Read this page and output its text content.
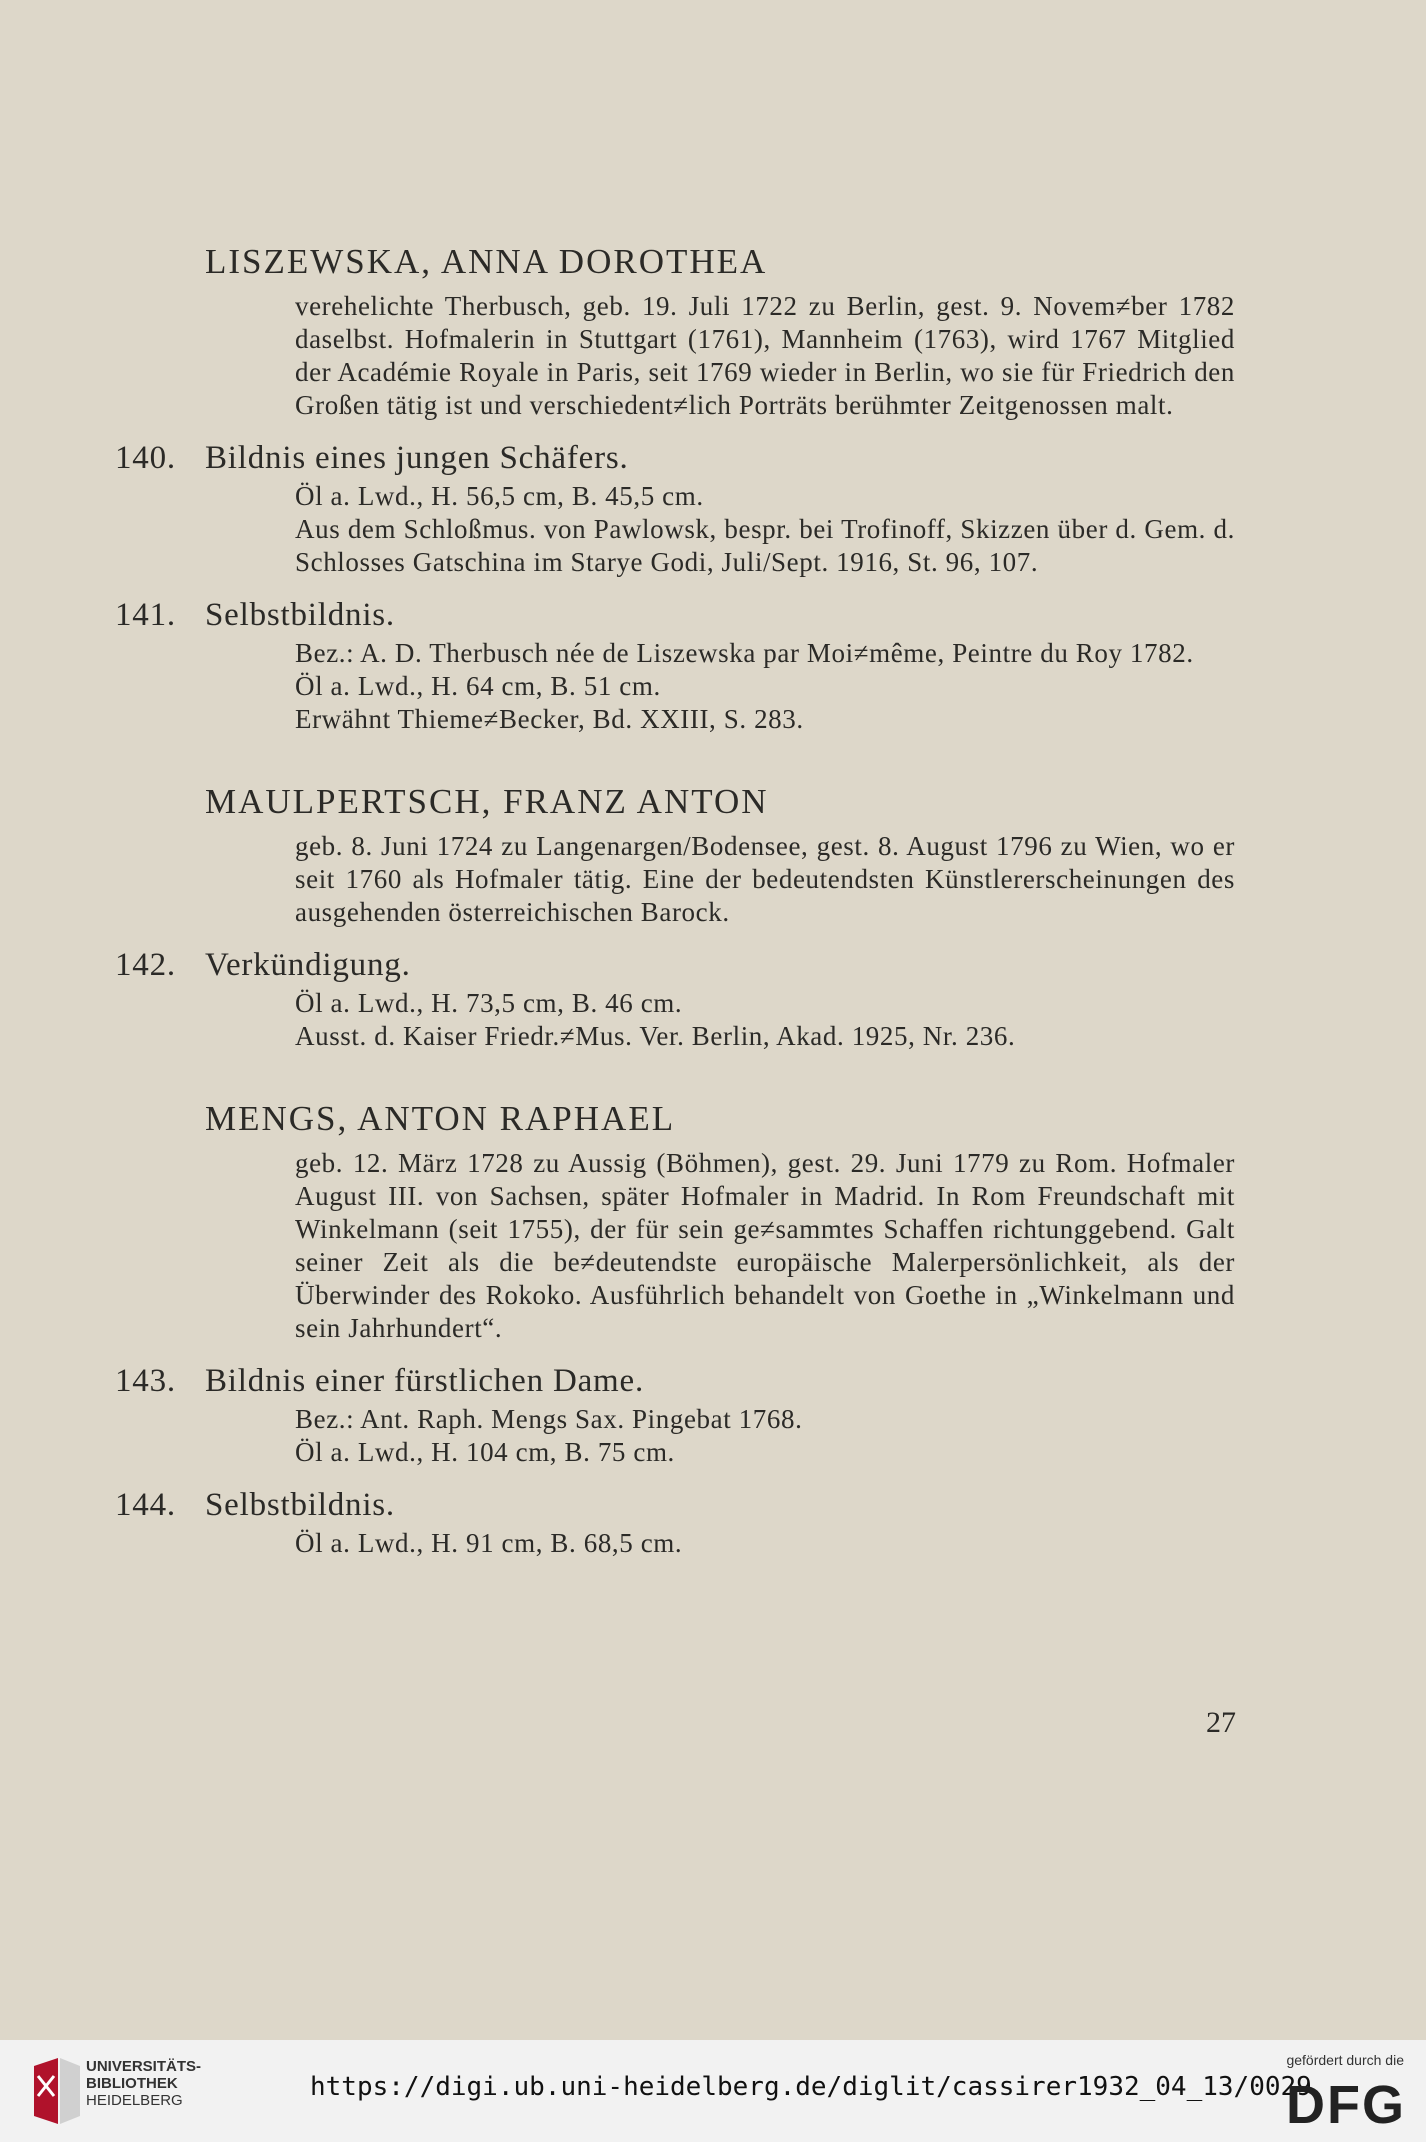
LISZEWSKA, ANNA DOROTHEA
verehelichte Therbusch, geb. 19. Juli 1722 zu Berlin, gest. 9. Novem≠ber 1782 daselbst. Hofmalerin in Stuttgart (1761), Mannheim (1763), wird 1767 Mitglied der Académie Royale in Paris, seit 1769 wieder in Berlin, wo sie für Friedrich den Großen tätig ist und verschiedent≠lich Porträts berühmter Zeitgenossen malt.
140. Bildnis eines jungen Schäfers.
Öl a. Lwd., H. 56,5 cm, B. 45,5 cm.
Aus dem Schloßmus. von Pawlowsk, bespr. bei Trofinoff, Skizzen über d. Gem. d. Schlosses Gatschina im Starye Godi, Juli/Sept. 1916, St. 96, 107.
141. Selbstbildnis.
Bez.: A. D. Therbusch née de Liszewska par Moi≠même, Peintre du Roy 1782.
Öl a. Lwd., H. 64 cm, B. 51 cm.
Erwähnt Thieme≠Becker, Bd. XXIII, S. 283.
MAULPERTSCH, FRANZ ANTON
geb. 8. Juni 1724 zu Langenargen/Bodensee, gest. 8. August 1796 zu Wien, wo er seit 1760 als Hofmaler tätig. Eine der bedeutendsten Künstlererscheinungen des ausgehenden österreichischen Barock.
142. Verkündigung.
Öl a. Lwd., H. 73,5 cm, B. 46 cm.
Ausst. d. Kaiser Friedr.≠Mus. Ver. Berlin, Akad. 1925, Nr. 236.
MENGS, ANTON RAPHAEL
geb. 12. März 1728 zu Aussig (Böhmen), gest. 29. Juni 1779 zu Rom. Hofmaler August III. von Sachsen, später Hofmaler in Madrid. In Rom Freundschaft mit Winkelmann (seit 1755), der für sein ge≠sammtes Schaffen richtunggebend. Galt seiner Zeit als die be≠deutendste europäische Malerpersönlichkeit, als der Überwinder des Rokoko. Ausführlich behandelt von Goethe in „Winkelmann und sein Jahrhundert“.
143. Bildnis einer fürstlichen Dame.
Bez.: Ant. Raph. Mengs Sax. Pingebat 1768.
Öl a. Lwd., H. 104 cm, B. 75 cm.
144. Selbstbildnis.
Öl a. Lwd., H. 91 cm, B. 68,5 cm.
27
UNIVERSITÄTS-
BIBLIOTHEK
HEIDELBERG	https://digi.ub.uni-heidelberg.de/diglit/cassirer1932_04_13/0029
gefördert durch die
DFG
